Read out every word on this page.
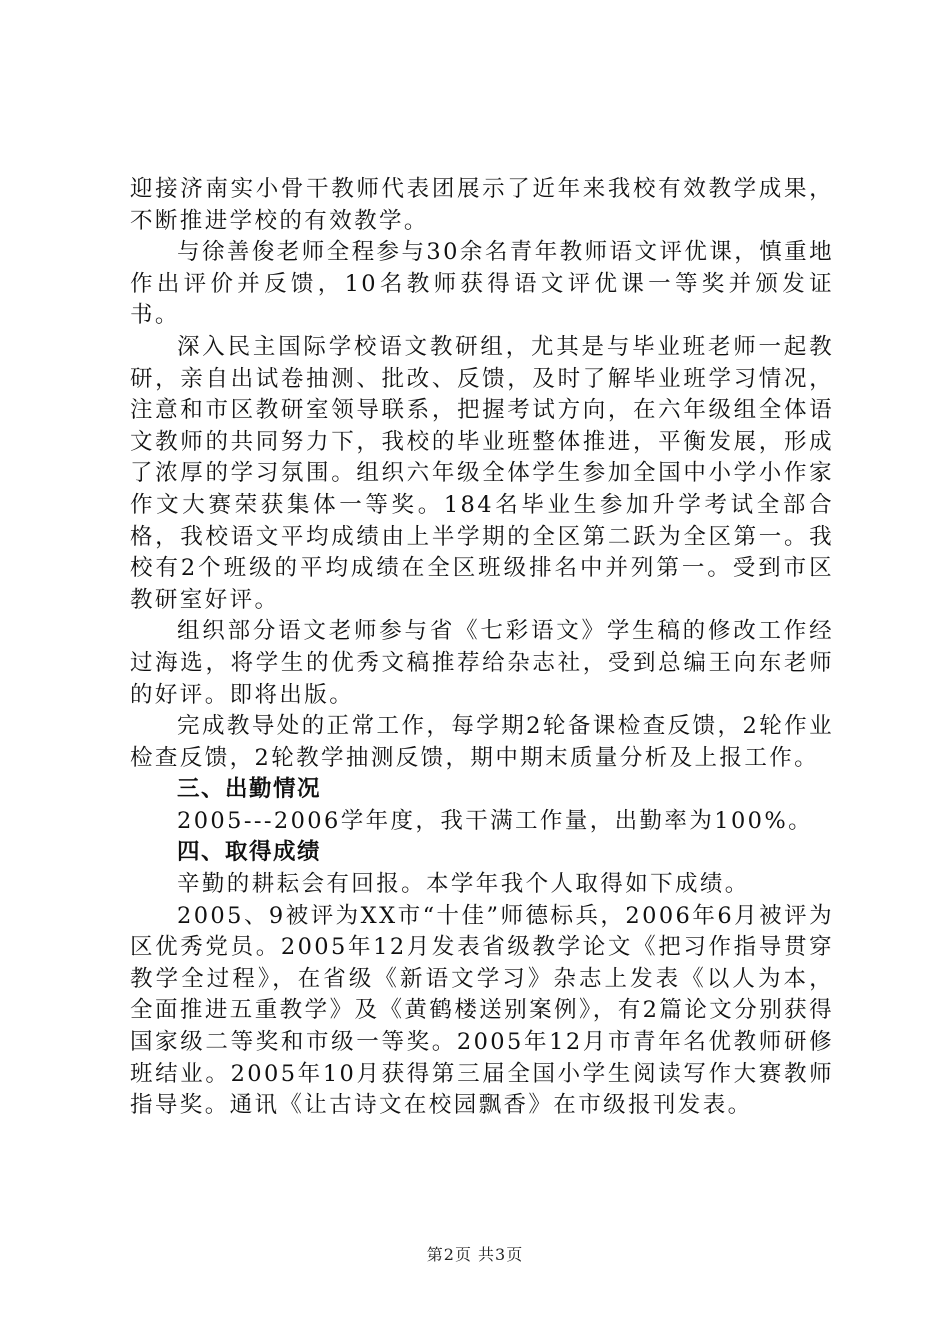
迎接济南实小骨干教师代表团展示了近年来我校有效教学成果，不断推进学校的有效教学。

与徐善俊老师全程参与30余名青年教师语文评优课，慎重地作出评价并反馈，10名教师获得语文评优课一等奖并颁发证书。

深入民主国际学校语文教研组，尤其是与毕业班老师一起教研，亲自出试卷抽测、批改、反馈，及时了解毕业班学习情况，注意和市区教研室领导联系，把握考试方向，在六年级组全体语文教师的共同努力下，我校的毕业班整体推进，平衡发展，形成了浓厚的学习氛围。组织六年级全体学生参加全国中小学小作家作文大赛荣获集体一等奖。184名毕业生参加升学考试全部合格，我校语文平均成绩由上半学期的全区第二跃为全区第一。我校有2个班级的平均成绩在全区班级排名中并列第一。受到市区教研室好评。

组织部分语文老师参与省《七彩语文》学生稿的修改工作经过海选，将学生的优秀文稿推荐给杂志社，受到总编王向东老师的好评。即将出版。

完成教导处的正常工作，每学期2轮备课检查反馈，2轮作业检查反馈，2轮教学抽测反馈，期中期末质量分析及上报工作。

三、出勤情况

2005---2006学年度，我干满工作量，出勤率为100%。

四、取得成绩

辛勤的耕耘会有回报。本学年我个人取得如下成绩。

2005、9被评为XX市“十佳”师德标兵，2006年6月被评为区优秀党员。2005年12月发表省级教学论文《把习作指导贯穿教学全过程》，在省级《新语文学习》杂志上发表《以人为本，全面推进五重教学》及《黄鹤楼送别案例》，有2篇论文分别获得国家级二等奖和市级一等奖。2005年12月市青年名优教师研修班结业。2005年10月获得第三届全国小学生阅读写作大赛教师指导奖。通讯《让古诗文在校园飘香》在市级报刊发表。

第2页 共3页
